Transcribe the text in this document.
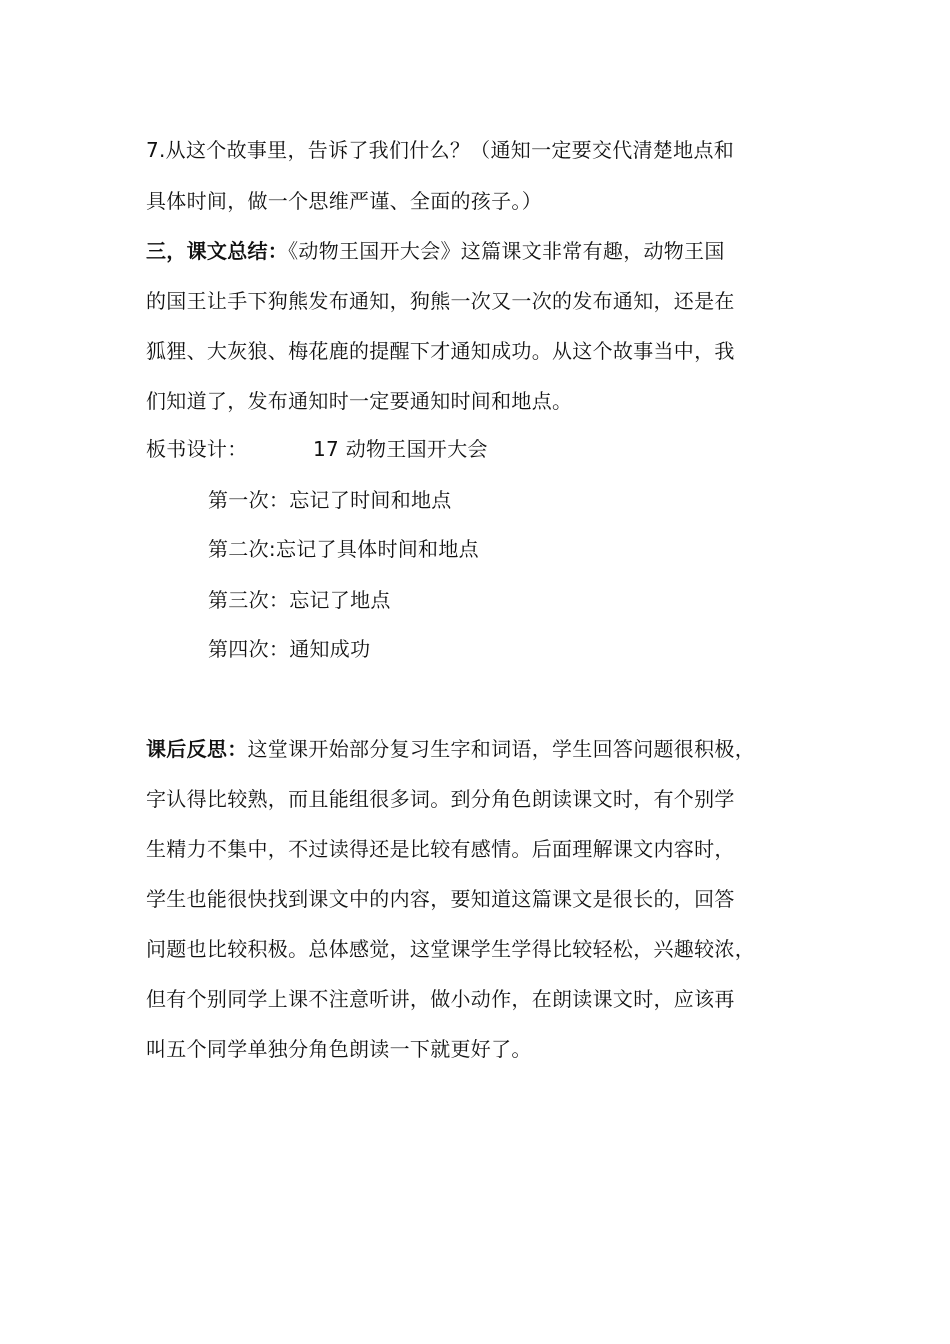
7.从这个故事里，告诉了我们什么？（通知一定要交代清楚地点和
具体时间，做一个思维严谨、全面的孩子。）
三，课文总结：《动物王国开大会》这篇课文非常有趣，动物王国
的国王让手下狗熊发布通知，狗熊一次又一次的发布通知，还是在
狐狸、大灰狼、梅花鹿的提醒下才通知成功。从这个故事当中，我
们知道了，发布通知时一定要通知时间和地点。
板书设计：	17 动物王国开大会
第一次：忘记了时间和地点
第二次:忘记了具体时间和地点
第三次：忘记了地点
第四次：通知成功
课后反思：这堂课开始部分复习生字和词语，学生回答问题很积极，
字认得比较熟，而且能组很多词。到分角色朗读课文时，有个别学
生精力不集中，不过读得还是比较有感情。后面理解课文内容时，
学生也能很快找到课文中的内容，要知道这篇课文是很长的，回答
问题也比较积极。总体感觉，这堂课学生学得比较轻松，兴趣较浓，
但有个别同学上课不注意听讲，做小动作，在朗读课文时，应该再
叫五个同学单独分角色朗读一下就更好了。
